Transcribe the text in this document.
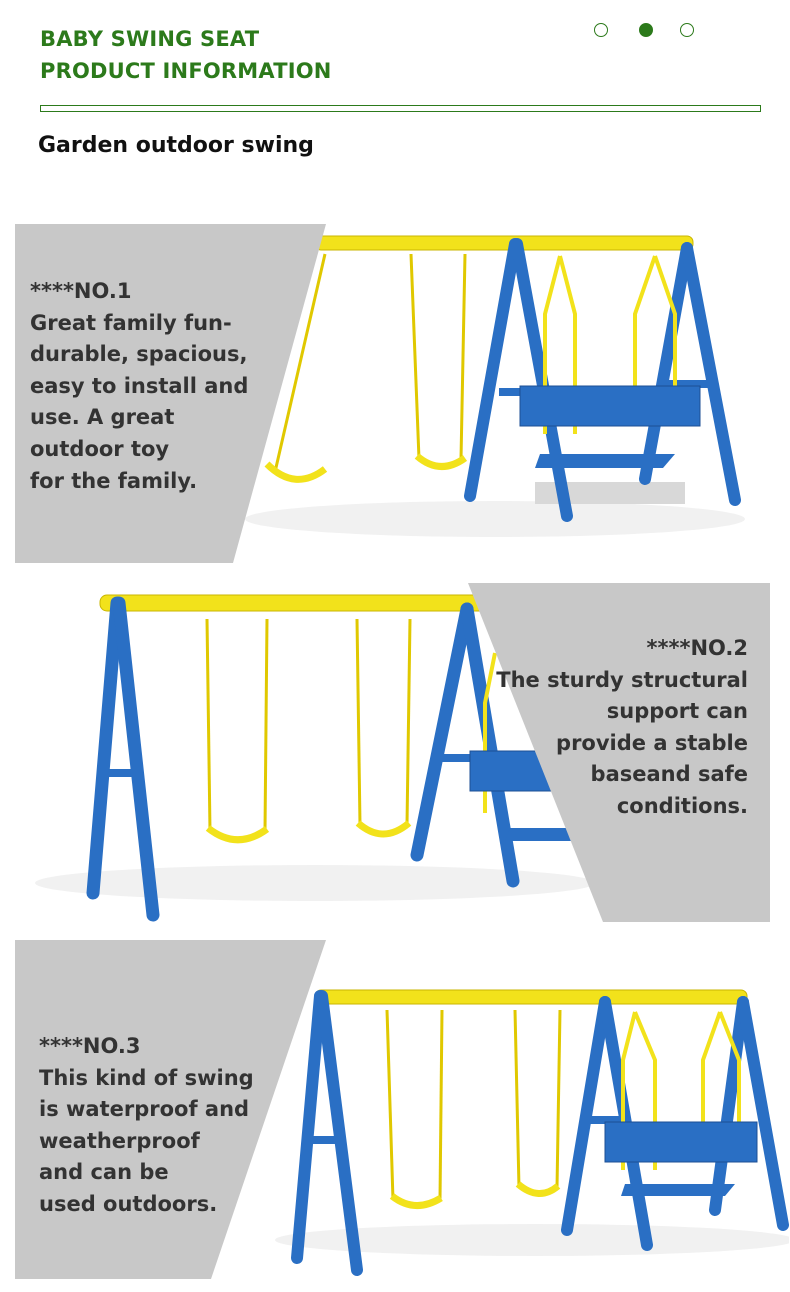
BABY SWING SEAT
PRODUCT INFORMATION
Garden outdoor swing
****NO.1
Great family fun-
durable, spacious,
easy to install and
use. A great
outdoor toy
for the family.
****NO.2
The sturdy structural
support can
provide a stable
baseand safe
conditions.
****NO.3
This kind of swing
is waterproof and
weatherproof
and can be
used outdoors.
